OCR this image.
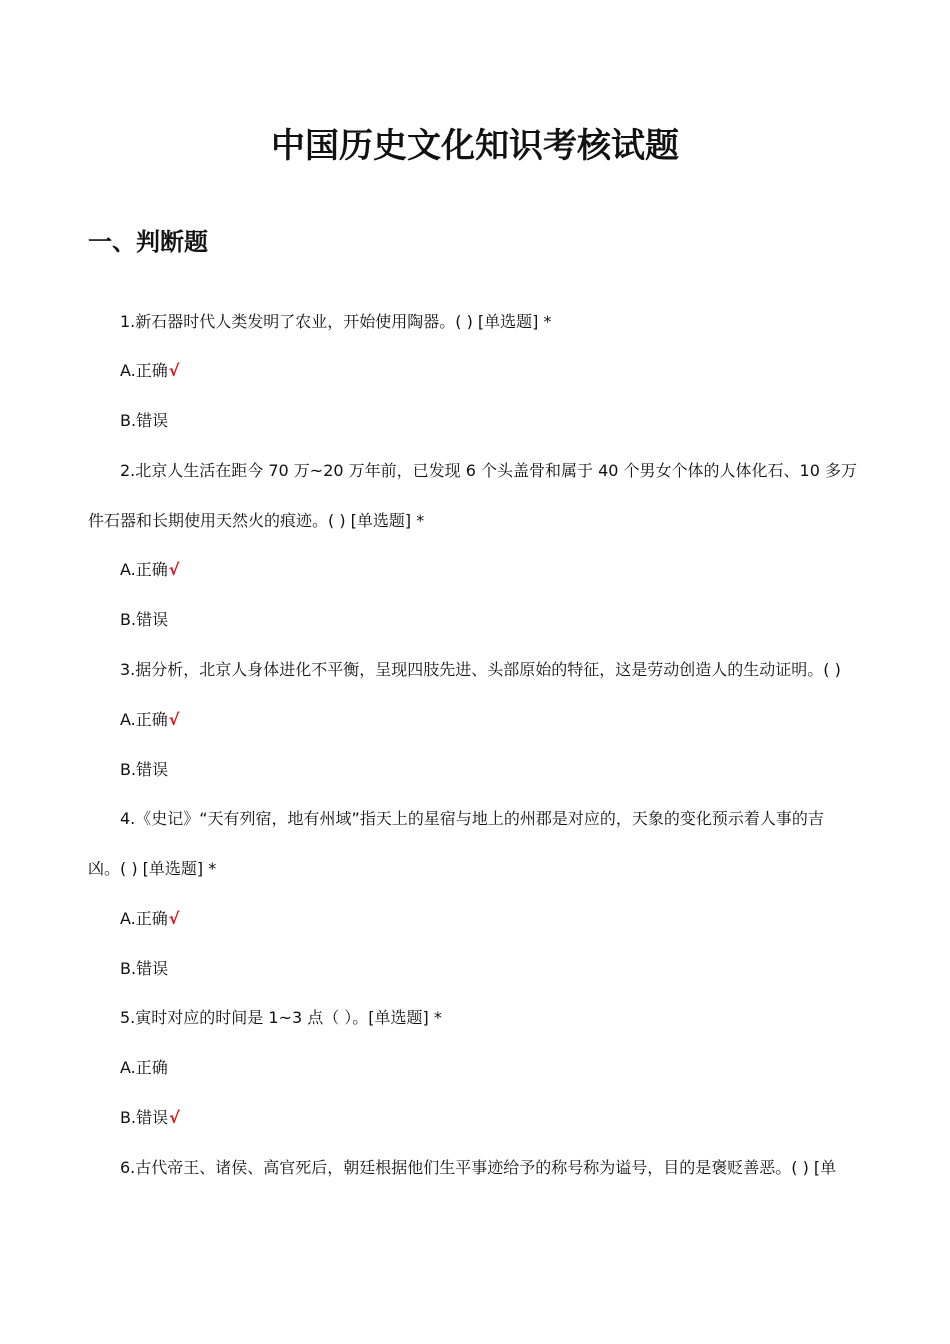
中国历史文化知识考核试题
一、判断题
1.新石器时代人类发明了农业，开始使用陶器。( ) [单选题] *
A.正确√
B.错误
2.北京人生活在距今 70 万~20 万年前，已发现 6 个头盖骨和属于 40 个男女个体的人体化石、10 多万
件石器和长期使用天然火的痕迹。( ) [单选题] *
A.正确√
B.错误
3.据分析，北京人身体进化不平衡，呈现四肢先进、头部原始的特征，这是劳动创造人的生动证明。( )
A.正确√
B.错误
4.《史记》“天有列宿，地有州域”指天上的星宿与地上的州郡是对应的，天象的变化预示着人事的吉
凶。( ) [单选题] *
A.正确√
B.错误
5.寅时对应的时间是 1~3 点（ ）。[单选题] *
A.正确
B.错误√
6.古代帝王、诸侯、高官死后，朝廷根据他们生平事迹给予的称号称为谥号，目的是褒贬善恶。( ) [单
